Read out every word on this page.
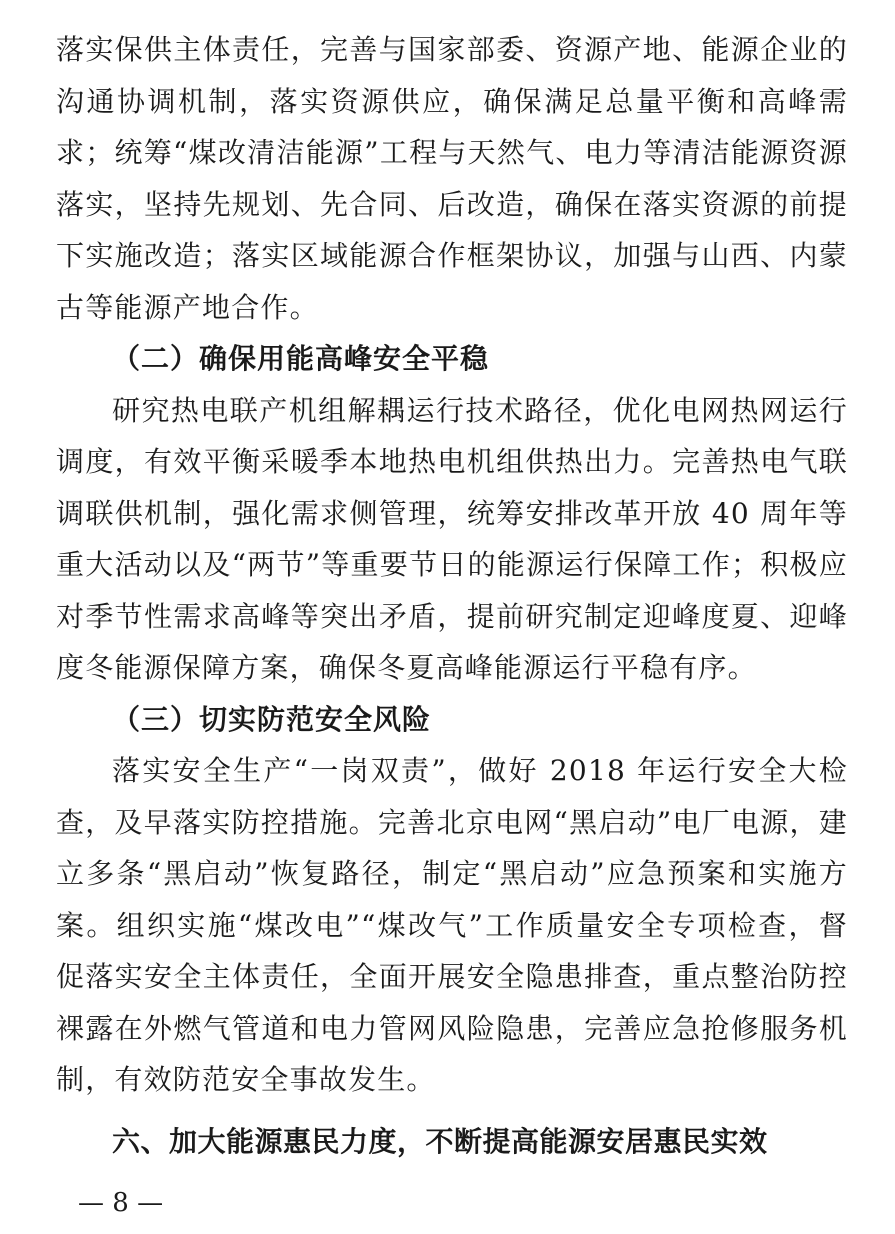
落实保供主体责任，完善与国家部委、资源产地、能源企业的沟通协调机制，落实资源供应，确保满足总量平衡和高峰需求；统筹“煤改清洁能源”工程与天然气、电力等清洁能源资源落实，坚持先规划、先合同、后改造，确保在落实资源的前提下实施改造；落实区域能源合作框架协议，加强与山西、内蒙古等能源产地合作。

（二）确保用能高峰安全平稳

研究热电联产机组解耦运行技术路径，优化电网热网运行调度，有效平衡采暖季本地热电机组供热出力。完善热电气联调联供机制，强化需求侧管理，统筹安排改革开放 40 周年等重大活动以及“两节”等重要节日的能源运行保障工作；积极应对季节性需求高峰等突出矛盾，提前研究制定迎峰度夏、迎峰度冬能源保障方案，确保冬夏高峰能源运行平稳有序。

（三）切实防范安全风险

落实安全生产“一岗双责”，做好 2018 年运行安全大检查，及早落实防控措施。完善北京电网“黑启动”电厂电源，建立多条“黑启动”恢复路径，制定“黑启动”应急预案和实施方案。组织实施“煤改电”“煤改气”工作质量安全专项检查，督促落实安全主体责任，全面开展安全隐患排查，重点整治防控裸露在外燃气管道和电力管网风险隐患，完善应急抢修服务机制，有效防范安全事故发生。

六、加大能源惠民力度，不断提高能源安居惠民实效

— 8 —
